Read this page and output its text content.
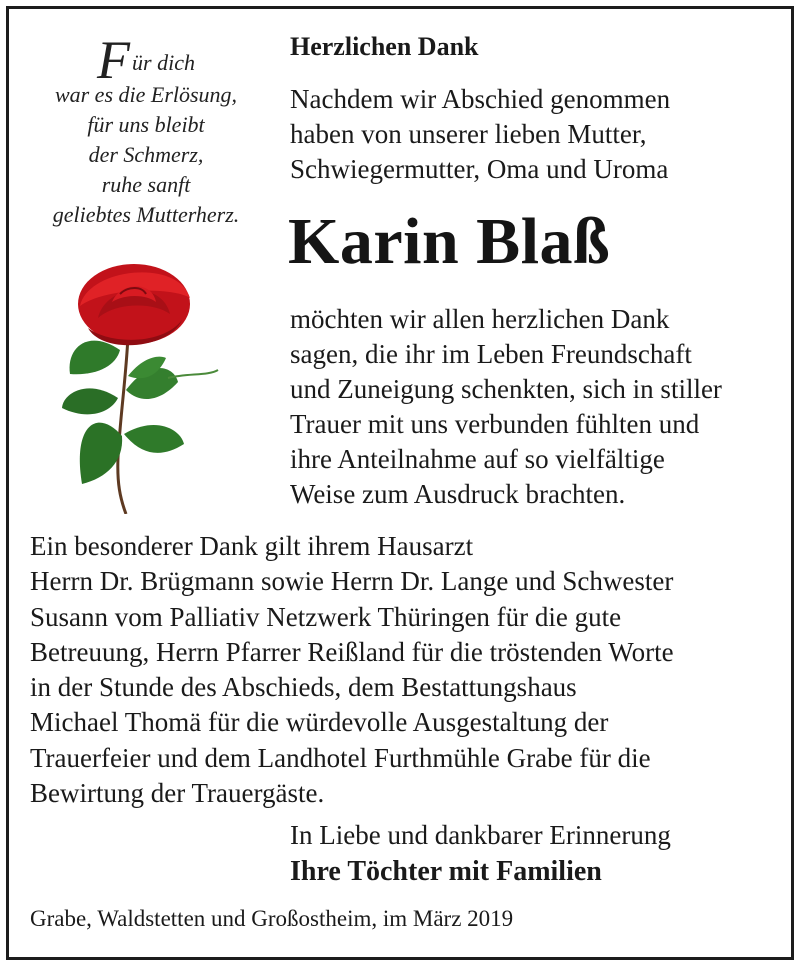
Für dich
war es die Erlösung,
für uns bleibt
der Schmerz,
ruhe sanft
geliebtes Mutterherz.
Herzlichen Dank
Nachdem wir Abschied genommen
haben von unserer lieben Mutter,
Schwiegermutter, Oma und Uroma
Karin Blaß
möchten wir allen herzlichen Dank
sagen, die ihr im Leben Freundschaft
und Zuneigung schenkten, sich in stiller
Trauer mit uns verbunden fühlten und
ihre Anteilnahme auf so vielfältige
Weise zum Ausdruck brachten.
Ein besonderer Dank gilt ihrem Hausarzt
Herrn Dr. Brügmann sowie Herrn Dr. Lange und Schwester
Susann vom Palliativ Netzwerk Thüringen für die gute
Betreuung, Herrn Pfarrer Reißland für die tröstenden Worte
in der Stunde des Abschieds, dem Bestattungshaus
Michael Thomä für die würdevolle Ausgestaltung der
Trauerfeier und dem Landhotel Furthmühle Grabe für die
Bewirtung der Trauergäste.
In Liebe und dankbarer Erinnerung
Ihre Töchter mit Familien
Grabe, Waldstetten und Großostheim, im März 2019
